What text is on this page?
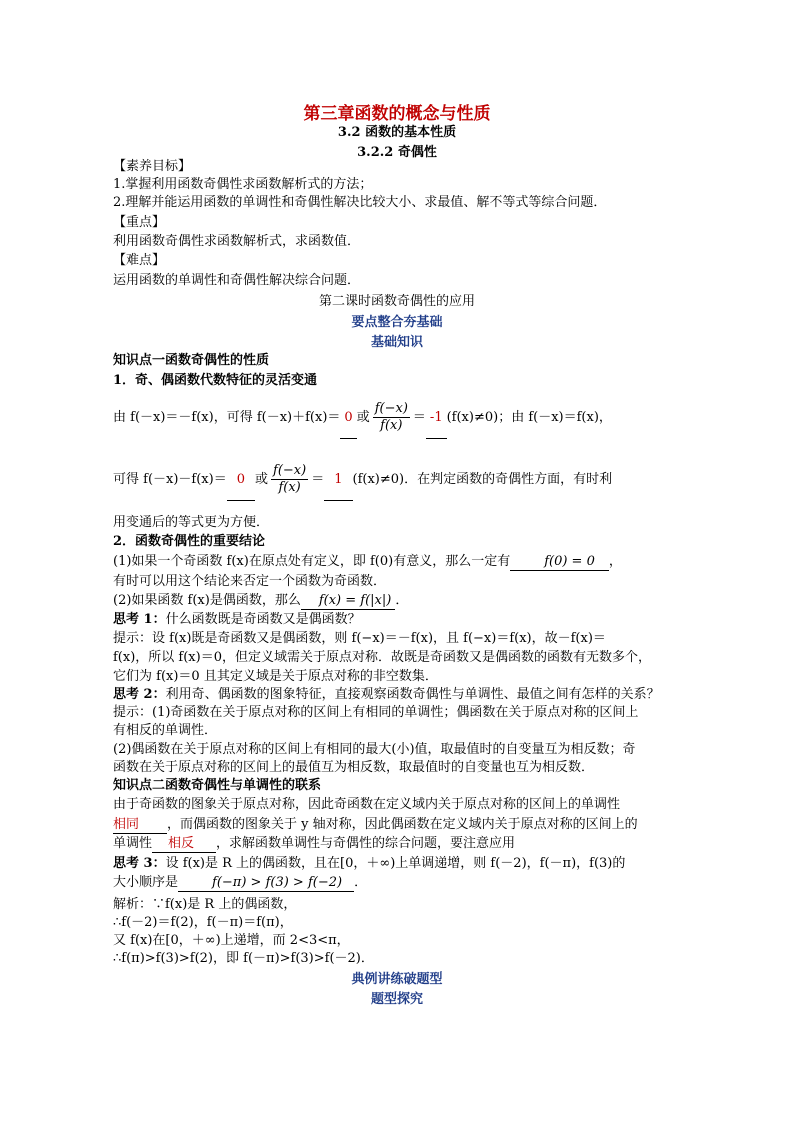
第三章函数的概念与性质
3.2 函数的基本性质
3.2.2 奇偶性
【素养目标】
1.掌握利用函数奇偶性求函数解析式的方法；
2.理解并能运用函数的单调性和奇偶性解决比较大小、求最值、解不等式等综合问题．
【重点】
利用函数奇偶性求函数解析式，求函数值．
【难点】
运用函数的单调性和奇偶性解决综合问题．
第二课时函数奇偶性的应用
要点整合夯基础
基础知识
知识点一函数奇偶性的性质
1．奇、偶函数代数特征的灵活变通
由 f(－x)＝－f(x)，可得 f(－x)＋f(x)＝ 0 或 $\frac{f(-x)}{f(x)} = -1$ (f(x)≠0)；由 f(－x)＝f(x)，
可得 f(－x)－f(x)＝ 0 或 $\frac{f(-x)}{f(x)} = 1$ (f(x)≠0)．在判定函数的奇偶性方面，有时利
用变通后的等式更为方便．
2．函数奇偶性的重要结论
(1)如果一个奇函数 f(x)在原点处有定义，即 f(0)有意义，那么一定有	f(0) = 0 ，
有时可以用这个结论来否定一个函数为奇函数．
(2)如果函数 f(x)是偶函数，那么 f(x) = f(|x|) ．
思考 1：什么函数既是奇函数又是偶函数？
提示：设 f(x)既是奇函数又是偶函数，则 f(−x)＝－f(x)，且 f(−x)＝f(x)，故－f(x)＝
f(x)，所以 f(x)＝0，但定义域需关于原点对称．故既是奇函数又是偶函数的函数有无数多个，
它们为 f(x)＝0 且其定义域是关于原点对称的非空数集．
思考 2：利用奇、偶函数的图象特征，直接观察函数奇偶性与单调性、最值之间有怎样的关系？
提示：(1)奇函数在关于原点对称的区间上有相同的单调性；偶函数在关于原点对称的区间上
有相反的单调性．
(2)偶函数在关于原点对称的区间上有相同的最大(小)值，取最值时的自变量互为相反数；奇
函数在关于原点对称的区间上的最值互为相反数，取最值时的自变量也互为相反数．
知识点二函数奇偶性与单调性的联系
由于奇函数的图象关于原点对称，因此奇函数在定义域内关于原点对称的区间上的单调性
相同 ，而偶函数的图象关于 y 轴对称，因此偶函数在定义域内关于原点对称的区间上的
单调性 相反 ，求解函数单调性与奇偶性的综合问题，要注意应用
思考 3：设 f(x)是 R 上的偶函数，且在[0，＋∞)上单调递增，则 f(－2)，f(－π)，f(3)的
大小顺序是	f(−π) > f(3) > f(−2) ．
解析：∵f(x)是 R 上的偶函数，
∴f(－2)＝f(2)，f(－π)＝f(π)，
又 f(x)在[0，＋∞)上递增，而 2<3<π，
∴f(π)>f(3)>f(2)，即 f(－π)>f(3)>f(－2)．
典例讲练破题型
题型探究
